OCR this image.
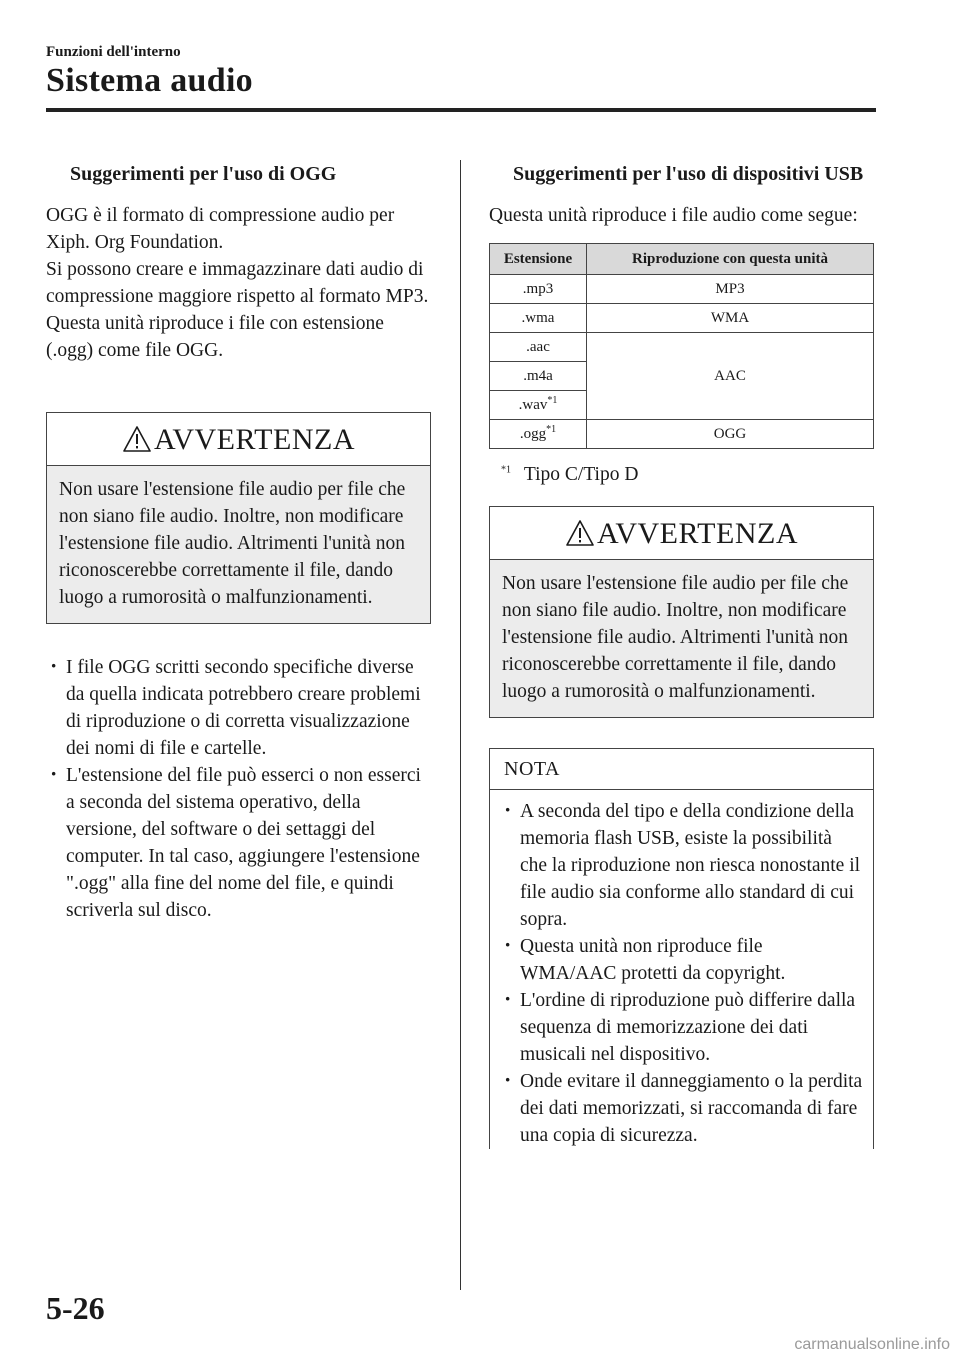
Funzioni dell'interno
Sistema audio
Suggerimenti per l'uso di OGG

OGG è il formato di compressione audio per Xiph. Org Foundation.

Si possono creare e immagazzinare dati audio di compressione maggiore rispetto al formato MP3.

Questa unità riproduce i file con estensione (.ogg) come file OGG.

AVVERTENZA
Non usare l'estensione file audio per file che non siano file audio. Inoltre, non modificare l'estensione file audio. Altrimenti l'unità non riconoscerebbe correttamente il file, dando luogo a rumorosità o malfunzionamenti.
· I file OGG scritti secondo specifiche diverse da quella indicata potrebbero creare problemi di riproduzione o di corretta visualizzazione dei nomi di file e cartelle.
· L'estensione del file può esserci o non esserci a seconda del sistema operativo, della versione, del software o dei settaggi del computer. In tal caso, aggiungere l'estensione ".ogg" alla fine del nome del file, e quindi scriverla sul disco.
Suggerimenti per l'uso di dispositivi USB

Questa unità riproduce i file audio come segue:

Estensione	Riproduzione con questa unità
.mp3	MP3
.wma	WMA
.aac	AAC
.m4a	
.wav$^{*1}$
.ogg$^{*1}$	OGG

$^{*1}$ Tipo C/Tipo D

AVVERTENZA
Non usare l'estensione file audio per file che non siano file audio. Inoltre, non modificare l'estensione file audio. Altrimenti l'unità non riconoscerebbe correttamente il file, dando luogo a rumorosità o malfunzionamenti.
NOTA
· A seconda del tipo e della condizione della memoria flash USB, esiste la possibilità che la riproduzione non riesca nonostante il file audio sia conforme allo standard di cui sopra.
· Questa unità non riproduce file WMA/AAC protetti da copyright.
· L'ordine di riproduzione può differire dalla sequenza di memorizzazione dei dati musicali nel dispositivo.
· Onde evitare il danneggiamento o la perdita dei dati memorizzati, si raccomanda di fare una copia di sicurezza.
5-26
carmanualsonline.info
